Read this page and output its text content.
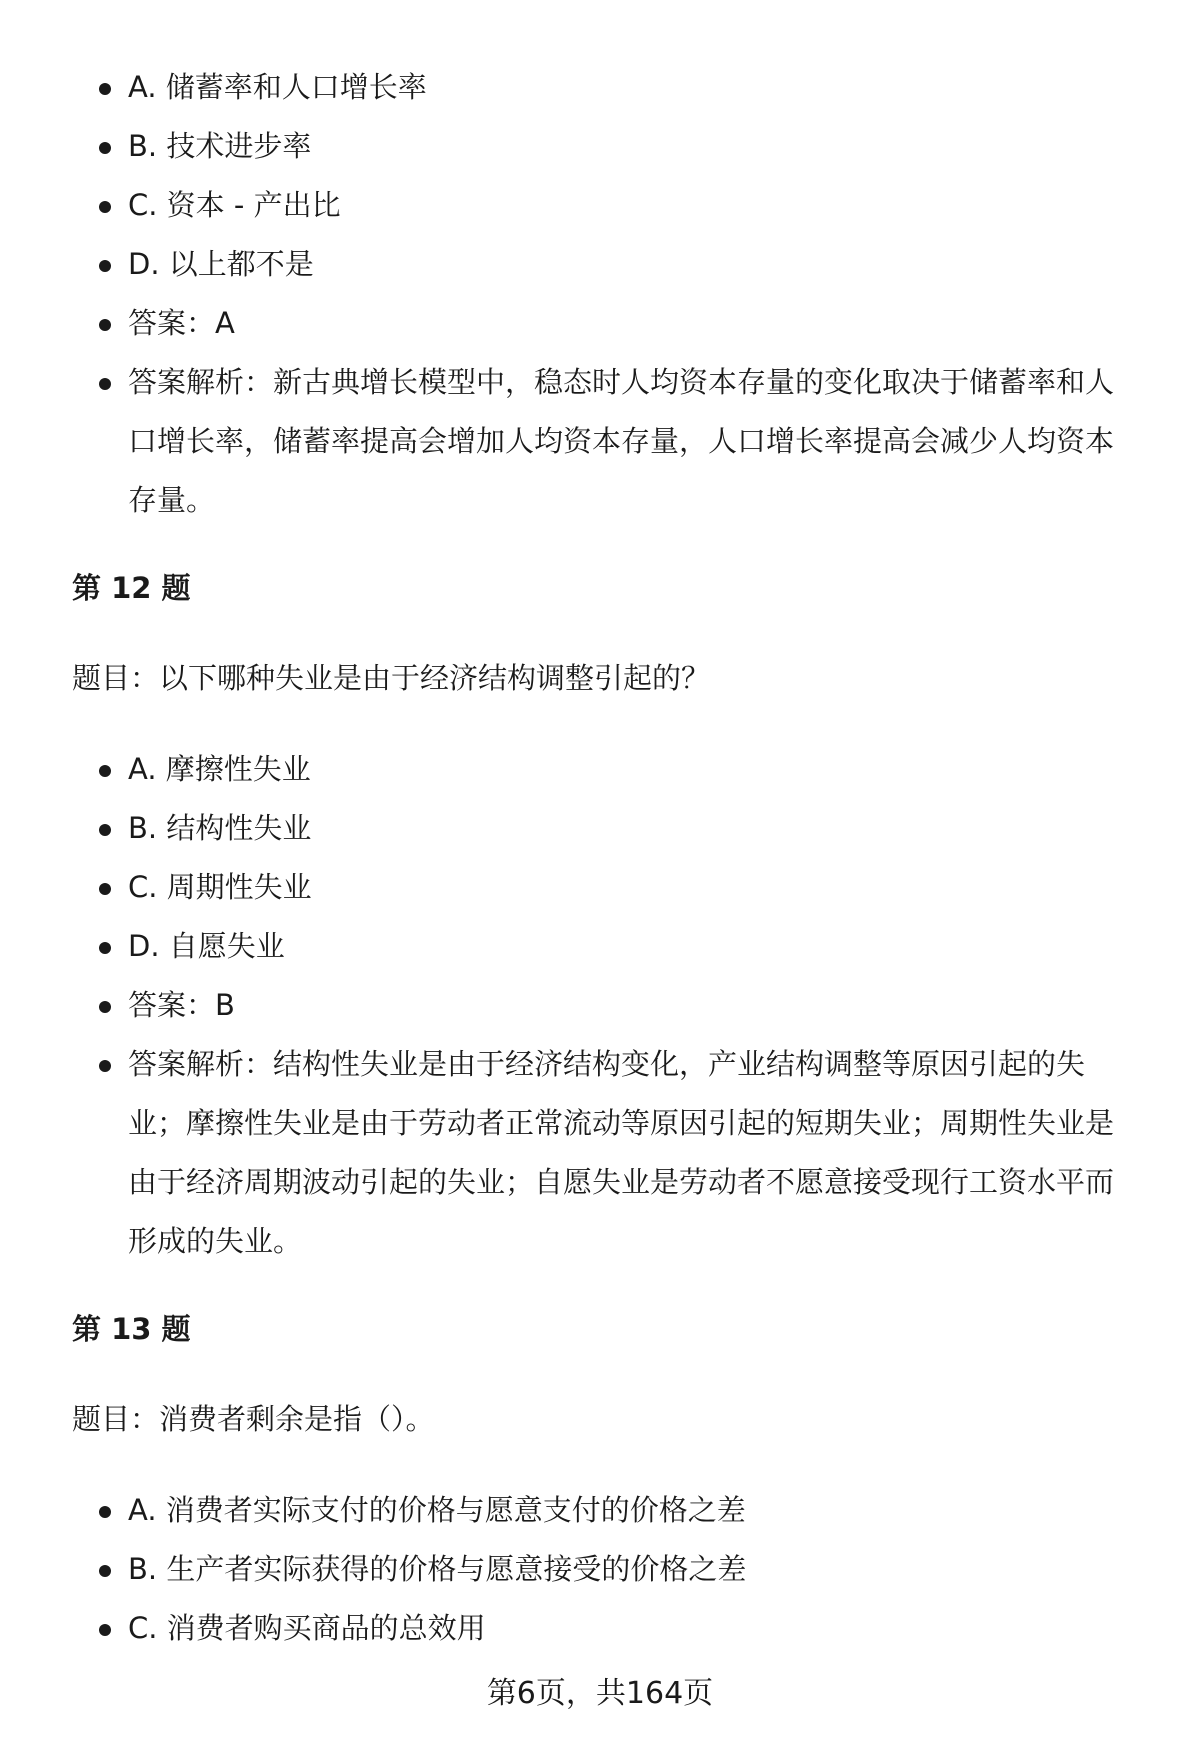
A. 储蓄率和人口增长率
B. 技术进步率
C. 资本 - 产出比
D. 以上都不是
答案：A
答案解析：新古典增长模型中，稳态时人均资本存量的变化取决于储蓄率和人口增长率，储蓄率提高会增加人均资本存量，人口增长率提高会减少人均资本存量。
第 12 题
题目：以下哪种失业是由于经济结构调整引起的？
A. 摩擦性失业
B. 结构性失业
C. 周期性失业
D. 自愿失业
答案：B
答案解析：结构性失业是由于经济结构变化，产业结构调整等原因引起的失业；摩擦性失业是由于劳动者正常流动等原因引起的短期失业；周期性失业是由于经济周期波动引起的失业；自愿失业是劳动者不愿意接受现行工资水平而形成的失业。
第 13 题
题目：消费者剩余是指（）。
A. 消费者实际支付的价格与愿意支付的价格之差
B. 生产者实际获得的价格与愿意接受的价格之差
C. 消费者购买商品的总效用
第6页，共164页
